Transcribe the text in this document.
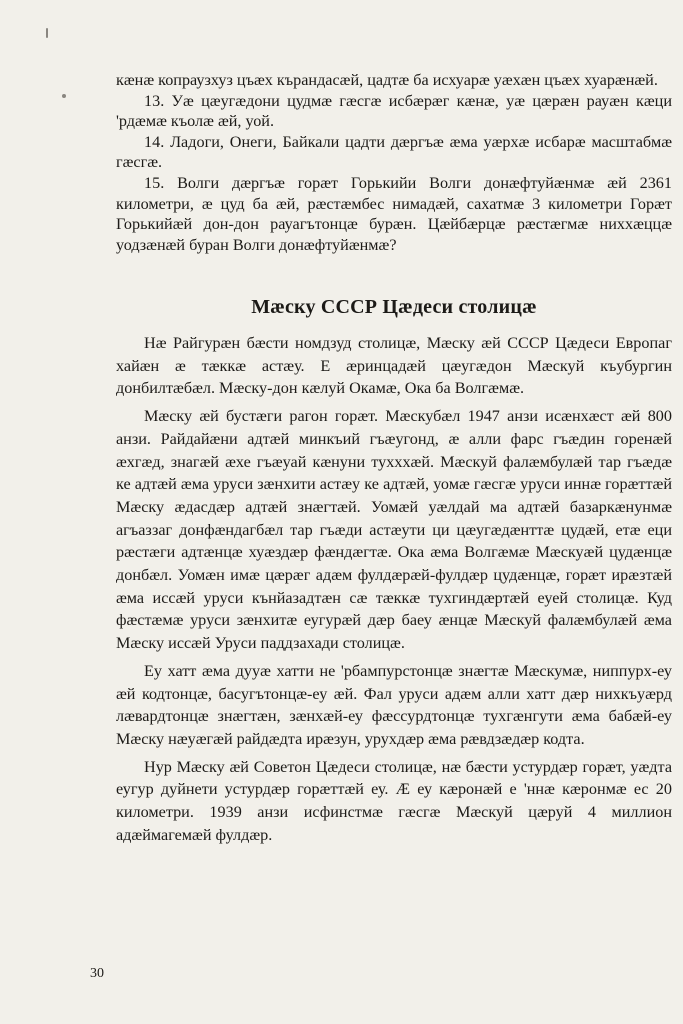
кæнæ копраузхуз цъæх кърандасæй, цадтæ ба исхуарæ уæхæн цъæх хуарæнæй.

13. Уæ цæугæдони цудмæ гæсгæ исбæрæг кæнæ, уæ цæрæн рауæн кæци 'рдæмæ къолæ æй, уой.

14. Ладоги, Онеги, Байкали цадти дæргъæ æма уæрхæ исбарæ масштабмæ гæсгæ.

15. Волги дæргъæ горæт Горькийи Волги донæфтуйæнмæ æй 2361 километри, æ цуд ба æй, рæстæмбес нимадæй, сахатмæ 3 километри Горæт Горькийæй дон-дон рауагътонцæ бурæн. Цæйбæрцæ рæстæгмæ ниххæццæ уодзæнæй буран Волги донæфтуйæнмæ?

Мæску СССР Цæдеси столицæ

Нæ Райгурæн бæсти номдзуд столицæ, Мæску æй СССР Цæдеси Европаг хайæн æ тæккæ астæу. Е æринцадæй цæугæдон Мæскуй къубургин донбилтæбæл. Мæску-дон кæлуй Окамæ, Ока ба Волгæмæ.

Мæску æй бустæги рагон горæт. Мæскубæл 1947 анзи исæнхæст æй 800 анзи. Райдайæни адтæй минкъий гъæугонд, æ алли фарс гъæдин горенæй æхгæд, знагæй æхе гъæуай кæнуни тухххæй. Мæскуй фалæмбулæй тар гъæдæ ке адтæй æма уруси зæнхити астæу ке адтæй, уомæ гæсгæ уруси иннæ горæттæй Мæску æдасдæр адтæй знæгтæй. Уомæй уæлдай ма адтæй базаркæнунмæ агъаззаг донфæндагбæл тар гъæди астæути ци цæугæдæнттæ цудæй, етæ еци рæстæги адтæнцæ хуæздæр фæндæгтæ. Ока æма Волгæмæ Мæскуæй цудæнцæ донбæл. Уомæн имæ цæрæг адæм фулдæрæй-фулдæр цудæнцæ, горæт ирæзтæй æма иссæй уруси кънйазадтæн сæ тæккæ тухгиндæртæй еуей столицæ. Куд фæстæмæ уруси зæнхитæ еугурæй дæр баеу æнцæ Мæскуй фалæмбулæй æма Мæску иссæй Уруси паддзахади столицæ.

Еу хатт æма дууæ хатти не 'рбампурстонцæ знæгтæ Мæскумæ, ниппурх-еу æй кодтонцæ, басугътонцæ-еу æй. Фал уруси адæм алли хатт дæр нихкъуæрд лæвардтонцæ знæгтæн, зæнхæй-еу фæссурдтонцæ тухгæнгути æма бабæй-еу Мæску нæуæгæй райдæдта ирæзун, урухдæр æма рæвдзæдæр кодта.

Нур Мæску æй Советон Цæдеси столицæ, нæ бæсти устурдæр горæт, уæдта еугур дуйнети устурдæр горæттæй еу. Æ еу кæронæй е 'ннæ кæронмæ ес 20 километри. 1939 анзи исфинстмæ гæсгæ Мæскуй цæруй 4 миллион адæймагемæй фулдæр.

30
